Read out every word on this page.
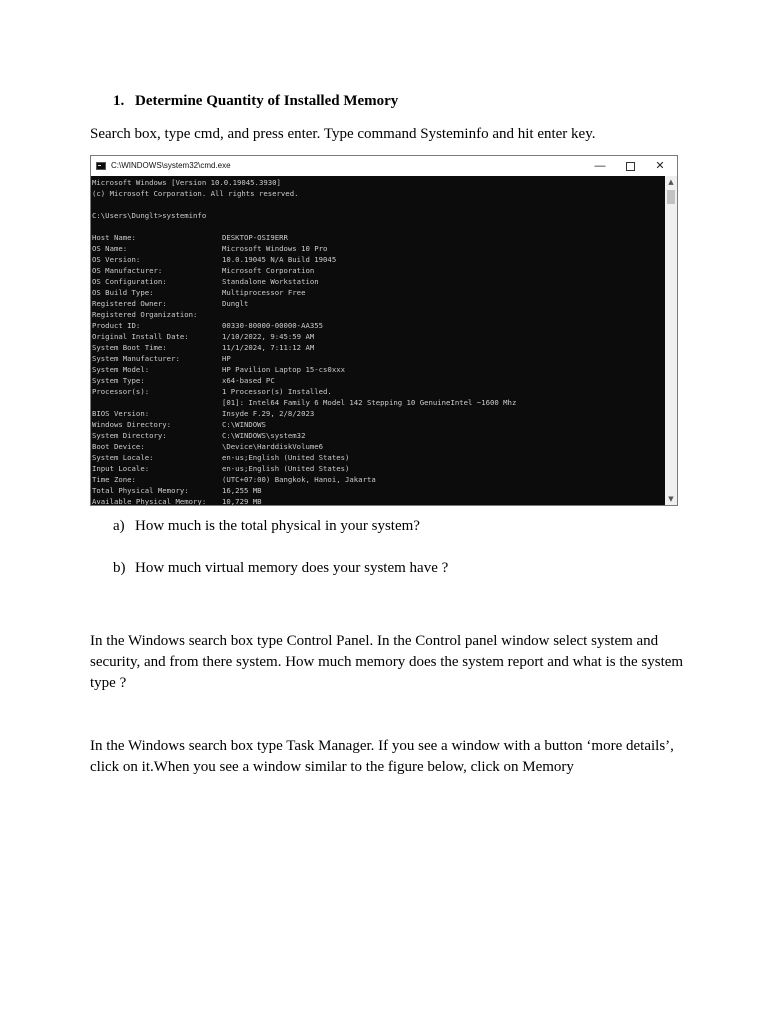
1. Determine Quantity of Installed Memory
Search box, type cmd, and press enter. Type command Systeminfo and hit enter key.
C:\WINDOWS\system32\cmd.exe	—	✕
Microsoft Windows [Version 10.0.19045.3930]
(c) Microsoft Corporation. All rights reserved.
C:\Users\Dunglt>systeminfo
Host Name:	DESKTOP-OSI9ERR
OS Name:	Microsoft Windows 10 Pro
OS Version:	10.0.19045 N/A Build 19045
OS Manufacturer:	Microsoft Corporation
OS Configuration:	Standalone Workstation
OS Build Type:	Multiprocessor Free
Registered Owner:	Dunglt
Registered Organization:
Product ID:	00330-80000-00000-AA355
Original Install Date:	1/10/2022, 9:45:59 AM
System Boot Time:	11/1/2024, 7:11:12 AM
System Manufacturer:	HP
System Model:	HP Pavilion Laptop 15-cs0xxx
System Type:	x64-based PC
Processor(s):	1 Processor(s) Installed.
[01]: Intel64 Family 6 Model 142 Stepping 10 GenuineIntel ~1600 Mhz
BIOS Version:	Insyde F.29, 2/8/2023
Windows Directory:	C:\WINDOWS
System Directory:	C:\WINDOWS\system32
Boot Device:	\Device\HarddiskVolume6
System Locale:	en-us;English (United States)
Input Locale:	en-us;English (United States)
Time Zone:	(UTC+07:00) Bangkok, Hanoi, Jakarta
Total Physical Memory:	16,255 MB
Available Physical Memory: 10,729 MB
▲
▼
a) How much is the total physical in your system?
b) How much virtual memory does your system have ?
In the Windows search box type Control Panel. In the Control panel window select system and security, and from there system. How much memory does the system report and what is the system type ?
In the Windows search box type Task Manager. If you see a window with a button ‘more details’, click on it.When you see a window similar to the figure below, click on Memory
